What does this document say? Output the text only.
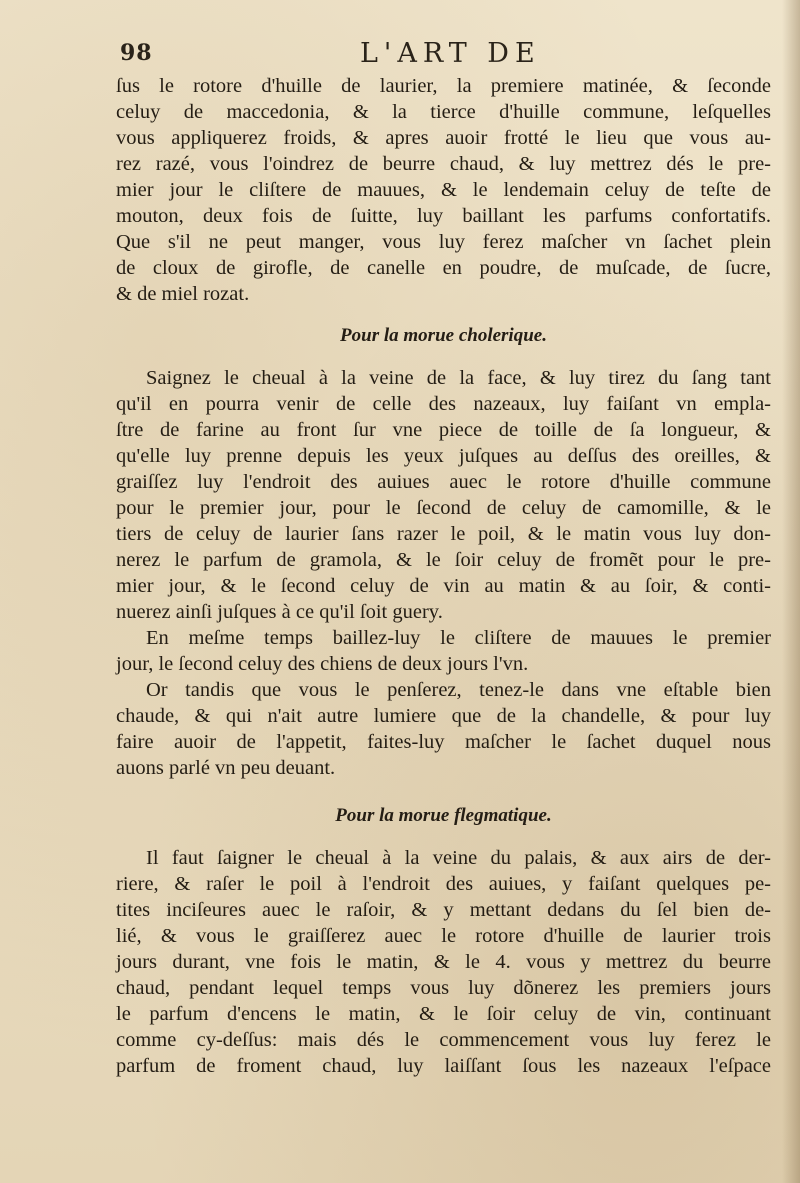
98	L'ART DE
ſus le rotore d'huille de laurier, la premiere matinée, & ſeconde
celuy de maccedonia, & la tierce d'huille commune, leſquelles
vous appliquerez froids, & apres auoir frotté le lieu que vous au-
rez razé, vous l'oindrez de beurre chaud, & luy mettrez dés le pre-
mier jour le cliſtere de mauues, & le lendemain celuy de teſte de
mouton, deux fois de ſuitte, luy baillant les parfums confortatifs.
Que s'il ne peut manger, vous luy ferez maſcher vn ſachet plein
de cloux de girofle, de canelle en poudre, de muſcade, de ſucre,
& de miel rozat.
Pour la morue cholerique.
Saignez le cheual à la veine de la face, & luy tirez du ſang tant
qu'il en pourra venir de celle des nazeaux, luy faiſant vn empla-
ſtre de farine au front ſur vne piece de toille de ſa longueur, &
qu'elle luy prenne depuis les yeux juſques au deſſus des oreilles, &
graiſſez luy l'endroit des auiues auec le rotore d'huille commune
pour le premier jour, pour le ſecond de celuy de camomille, & le
tiers de celuy de laurier ſans razer le poil, & le matin vous luy don-
nerez le parfum de gramola, & le ſoir celuy de fromẽt pour le pre-
mier jour, & le ſecond celuy de vin au matin & au ſoir, & conti-
nuerez ainſi juſques à ce qu'il ſoit guery.
En meſme temps baillez-luy le cliſtere de mauues le premier
jour, le ſecond celuy des chiens de deux jours l'vn.
Or tandis que vous le penſerez, tenez-le dans vne eſtable bien
chaude, & qui n'ait autre lumiere que de la chandelle, & pour luy
faire auoir de l'appetit, faites-luy maſcher le ſachet duquel nous
auons parlé vn peu deuant.
Pour la morue flegmatique.
Il faut ſaigner le cheual à la veine du palais, & aux airs de der-
riere, & raſer le poil à l'endroit des auiues, y faiſant quelques pe-
tites inciſeures auec le raſoir, & y mettant dedans du ſel bien de-
lié, & vous le graiſſerez auec le rotore d'huille de laurier trois
jours durant, vne fois le matin, & le 4. vous y mettrez du beurre
chaud, pendant lequel temps vous luy dõnerez les premiers jours
le parfum d'encens le matin, & le ſoir celuy de vin, continuant
comme cy-deſſus: mais dés le commencement vous luy ferez le
parfum de froment chaud, luy laiſſant ſous les nazeaux l'eſpace
